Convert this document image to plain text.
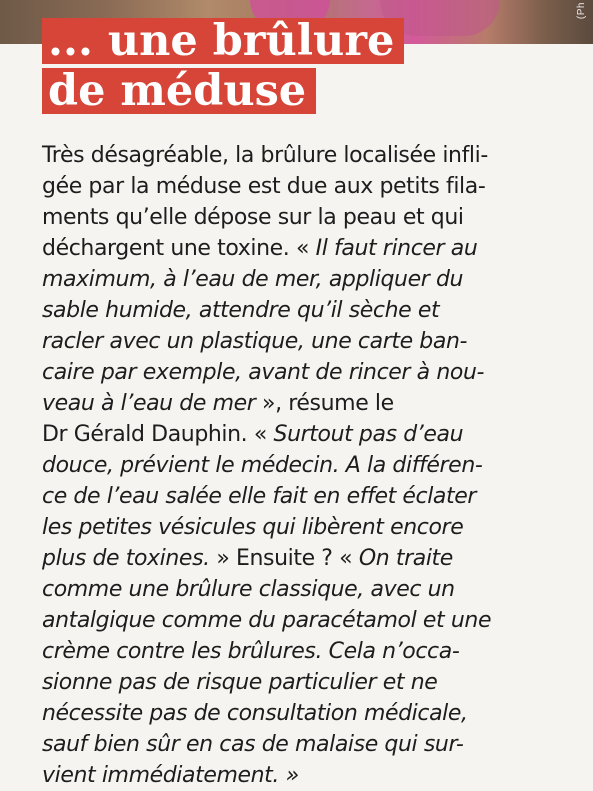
(Ph
... une brûlure
de méduse

Très désagréable, la brûlure localisée infli-
gée par la méduse est due aux petits fila-
ments qu’elle dépose sur la peau et qui
déchargent une toxine. « Il faut rincer au
maximum, à l’eau de mer, appliquer du
sable humide, attendre qu’il sèche et
racler avec un plastique, une carte ban-
caire par exemple, avant de rincer à nou-
veau à l’eau de mer », résume le
Dr Gérald Dauphin. « Surtout pas d’eau
douce, prévient le médecin. A la différen-
ce de l’eau salée elle fait en effet éclater
les petites vésicules qui libèrent encore
plus de toxines. » Ensuite ? « On traite
comme une brûlure classique, avec un
antalgique comme du paracétamol et une
crème contre les brûlures. Cela n’occa-
sionne pas de risque particulier et ne
nécessite pas de consultation médicale,
sauf bien sûr en cas de malaise qui sur-
vient immédiatement. »
